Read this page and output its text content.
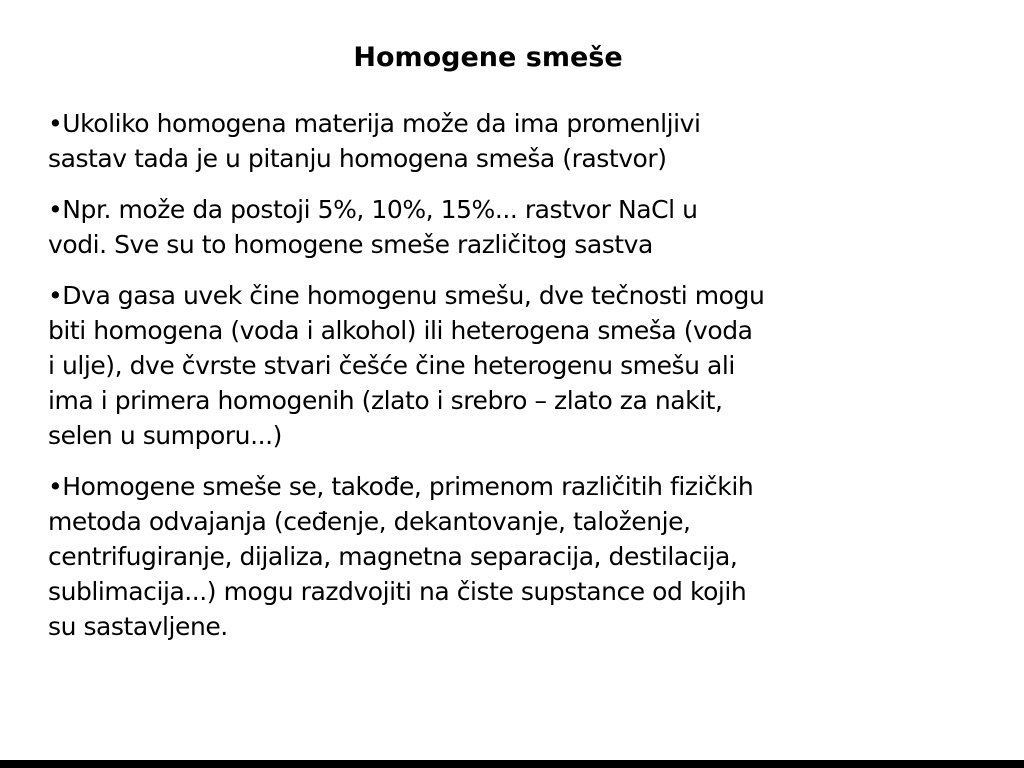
Homogene smeše

•Ukoliko homogena materija može da ima promenljivi
sastav tada je u pitanju homogena smeša (rastvor)

•Npr. može da postoji 5%, 10%, 15%... rastvor NaCl u
vodi. Sve su to homogene smeše različitog sastva

•Dva gasa uvek čine homogenu smešu, dve tečnosti mogu
biti homogena (voda i alkohol) ili heterogena smeša (voda
i ulje), dve čvrste stvari češće čine heterogenu smešu ali
ima i primera homogenih (zlato i srebro – zlato za nakit,
selen u sumporu...)

•Homogene smeše se, takođe, primenom različitih fizičkih
metoda odvajanja (ceđenje, dekantovanje, taloženje,
centrifugiranje, dijaliza, magnetna separacija, destilacija,
sublimacija...) mogu razdvojiti na čiste supstance od kojih
su sastavljene.
